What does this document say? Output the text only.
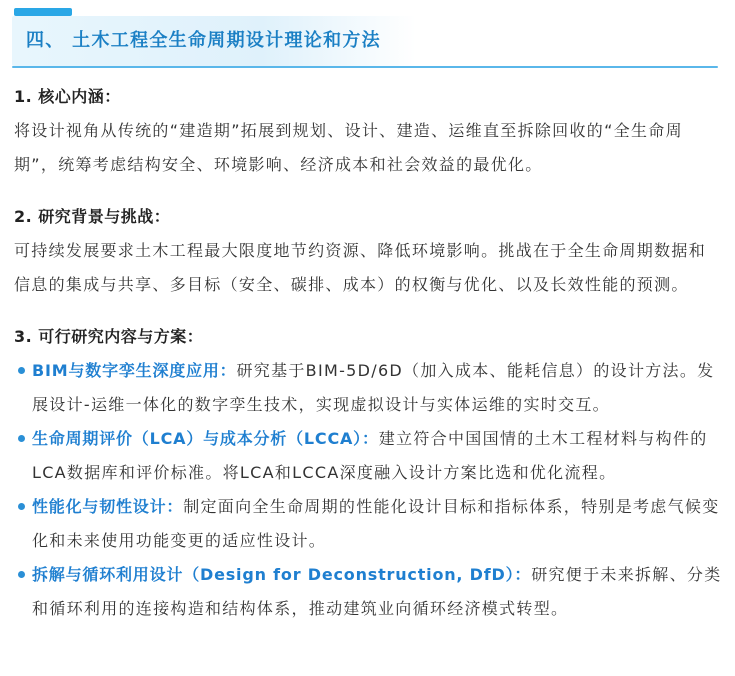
四、 土木工程全生命周期设计理论和方法
1. 核心内涵：
将设计视角从传统的“建造期”拓展到规划、设计、建造、运维直至拆除回收的“全生命周期”，统筹考虑结构安全、环境影响、经济成本和社会效益的最优化。
2. 研究背景与挑战：
可持续发展要求土木工程最大限度地节约资源、降低环境影响。挑战在于全生命周期数据和信息的集成与共享、多目标（安全、碳排、成本）的权衡与优化、以及长效性能的预测。
3. 可行研究内容与方案：
BIM与数字孪生深度应用：研究基于BIM-5D/6D（加入成本、能耗信息）的设计方法。发展设计-运维一体化的数字孪生技术，实现虚拟设计与实体运维的实时交互。
生命周期评价（LCA）与成本分析（LCCA）：建立符合中国国情的土木工程材料与构件的LCA数据库和评价标准。将LCA和LCCA深度融入设计方案比选和优化流程。
性能化与韧性设计：制定面向全生命周期的性能化设计目标和指标体系，特别是考虑气候变化和未来使用功能变更的适应性设计。
拆解与循环利用设计（Design for Deconstruction, DfD）：研究便于未来拆解、分类和循环利用的连接构造和结构体系，推动建筑业向循环经济模式转型。
